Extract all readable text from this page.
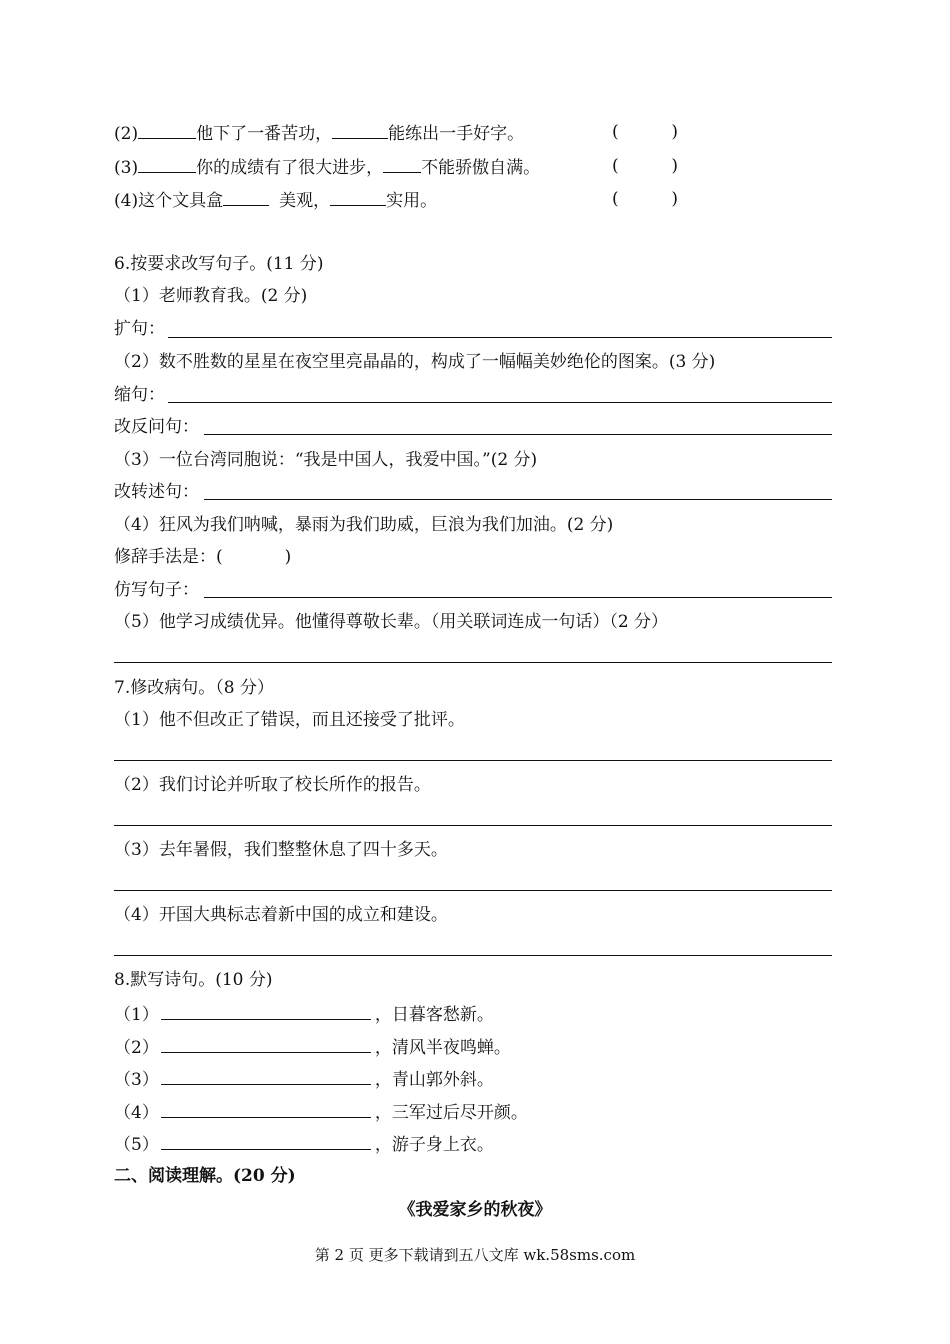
(2)	他下了一番苦功，	能练出一手好字。	(	)
(3)	你的成绩有了很大进步， 不能骄傲自满。	(	)
(4)这个文具盒	美观，	实用。	(	)
6.按要求改写句子。(11 分)
（1）老师教育我。(2 分)
扩句：
（2）数不胜数的星星在夜空里亮晶晶的，构成了一幅幅美妙绝伦的图案。(3 分)
缩句：
改反问句：
（3）一位台湾同胞说：“我是中国人，我爱中国。”(2 分)
改转述句：
（4）狂风为我们呐喊，暴雨为我们助威，巨浪为我们加油。(2 分)
修辞手法是：(	)
仿写句子：
（5）他学习成绩优异。他懂得尊敬长辈。（用关联词连成一句话）（2 分）
7.修改病句。（8 分）
（1）他不但改正了错误，而且还接受了批评。
（2）我们讨论并听取了校长所作的报告。
（3）去年暑假，我们整整休息了四十多天。
（4）开国大典标志着新中国的成立和建设。
8.默写诗句。(10 分)
（1）	，日暮客愁新。
（2）	，清风半夜鸣蝉。
（3）	，青山郭外斜。
（4）	，三军过后尽开颜。
（5）	，游子身上衣。
二、阅读理解。(20 分)
《我爱家乡的秋夜》
第 2 页 更多下载请到五八文库 wk.58sms.com
